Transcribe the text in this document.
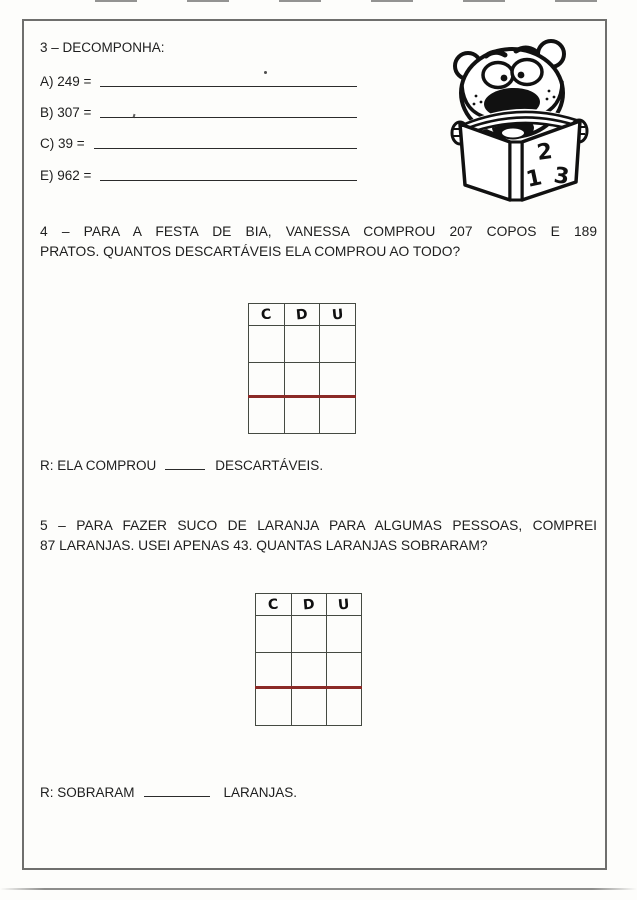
3 – DECOMPONHA:
A) 249 =
B) 307 =
C) 39 =
E) 962 =
2
1 3
4 – PARA A FESTA DE BIA, VANESSA COMPROU 207 COPOS E 189
PRATOS. QUANTOS DESCARTÁVEIS ELA COMPROU AO TODO?
C	D	U

R: ELA COMPROU	DESCARTÁVEIS.
5 – PARA FAZER SUCO DE LARANJA PARA ALGUMAS PESSOAS, COMPREI
87 LARANJAS. USEI APENAS 43. QUANTAS LARANJAS SOBRARAM?
C	D	U

R: SOBRARAM	LARANJAS.
